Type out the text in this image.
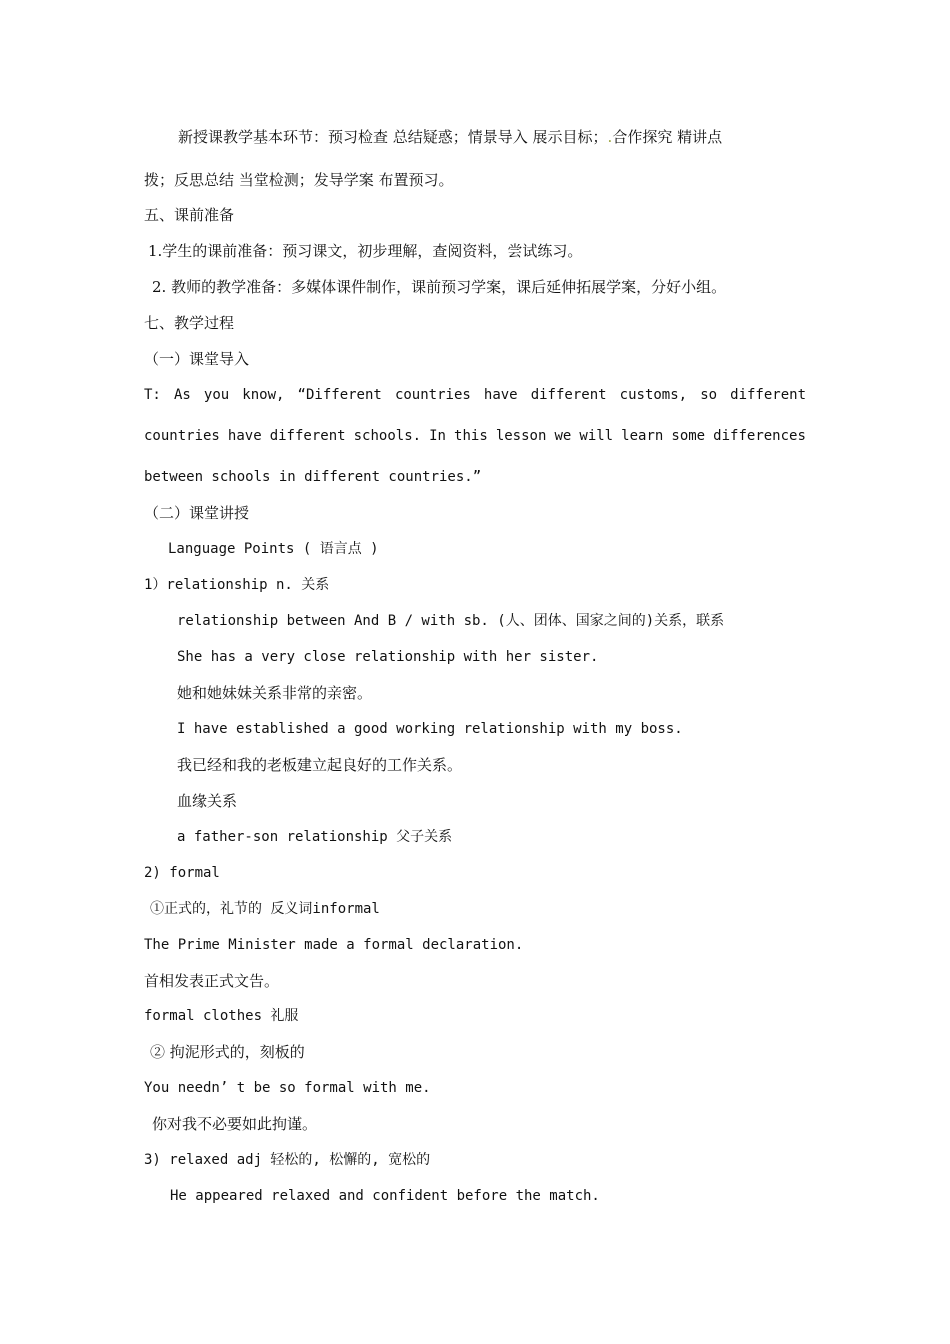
新授课教学基本环节：预习检查 总结疑惑；情景导入 展示目标；.合作探究 精讲点
拨；反思总结 当堂检测；发导学案 布置预习。
五、课前准备
1.学生的课前准备：预习课文，初步理解，查阅资料，尝试练习。
2. 教师的教学准备：多媒体课件制作，课前预习学案，课后延伸拓展学案，分好小组。
七、教学过程
（一）课堂导入
T: As you know, “Different countries have different customs, so different
countries have different schools. In this lesson we will learn some differences
between schools in different countries.”
（二）课堂讲授
Language Points ( 语言点 )
1）relationship n. 关系
relationship between And B / with sb. (人、团体、国家之间的)关系，联系
She has a very close relationship with her sister.
她和她妹妹关系非常的亲密。
I have established a good working relationship with my boss.
我已经和我的老板建立起良好的工作关系。
血缘关系
a father-son relationship 父子关系
2) formal
①正式的，礼节的 反义词informal
The Prime Minister made a formal declaration.
首相发表正式文告。
formal clothes 礼服
② 拘泥形式的，刻板的
You needn’ t be so formal with me.
你对我不必要如此拘谨。
3) relaxed adj 轻松的, 松懈的, 宽松的
He appeared relaxed and confident before the match.
